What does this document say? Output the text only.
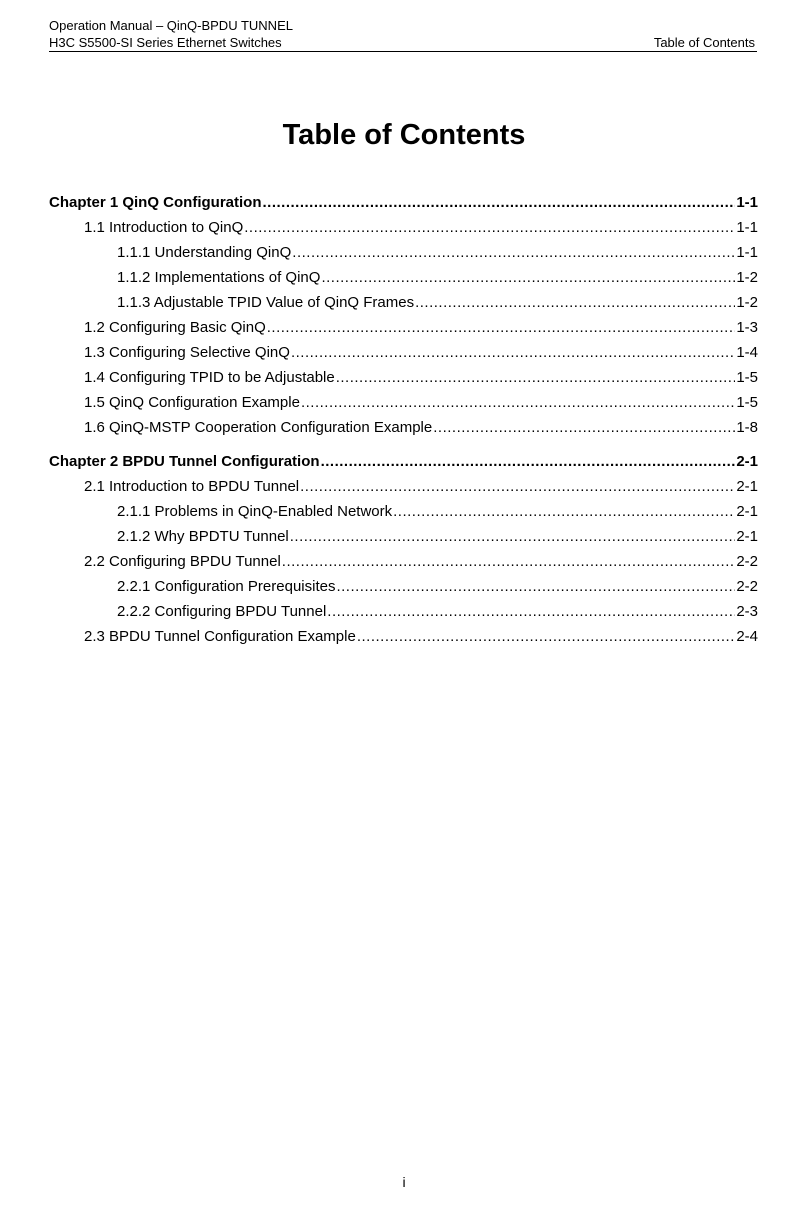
Operation Manual – QinQ-BPDU TUNNEL
H3C S5500-SI Series Ethernet Switches	Table of Contents
Table of Contents
Chapter 1 QinQ Configuration .....	1-1
1.1 Introduction to QinQ .....	1-1
1.1.1 Understanding QinQ .....	1-1
1.1.2 Implementations of QinQ .....	1-2
1.1.3 Adjustable TPID Value of QinQ Frames .....	1-2
1.2 Configuring Basic QinQ .....	1-3
1.3 Configuring Selective QinQ .....	1-4
1.4 Configuring TPID to be Adjustable .....	1-5
1.5 QinQ Configuration Example .....	1-5
1.6 QinQ-MSTP Cooperation Configuration Example .....	1-8
Chapter 2 BPDU Tunnel Configuration .....	2-1
2.1 Introduction to BPDU Tunnel .....	2-1
2.1.1 Problems in QinQ-Enabled Network .....	2-1
2.1.2 Why BPDTU Tunnel .....	2-1
2.2 Configuring BPDU Tunnel .....	2-2
2.2.1 Configuration Prerequisites .....	2-2
2.2.2 Configuring BPDU Tunnel .....	2-3
2.3 BPDU Tunnel Configuration Example .....	2-4
i
